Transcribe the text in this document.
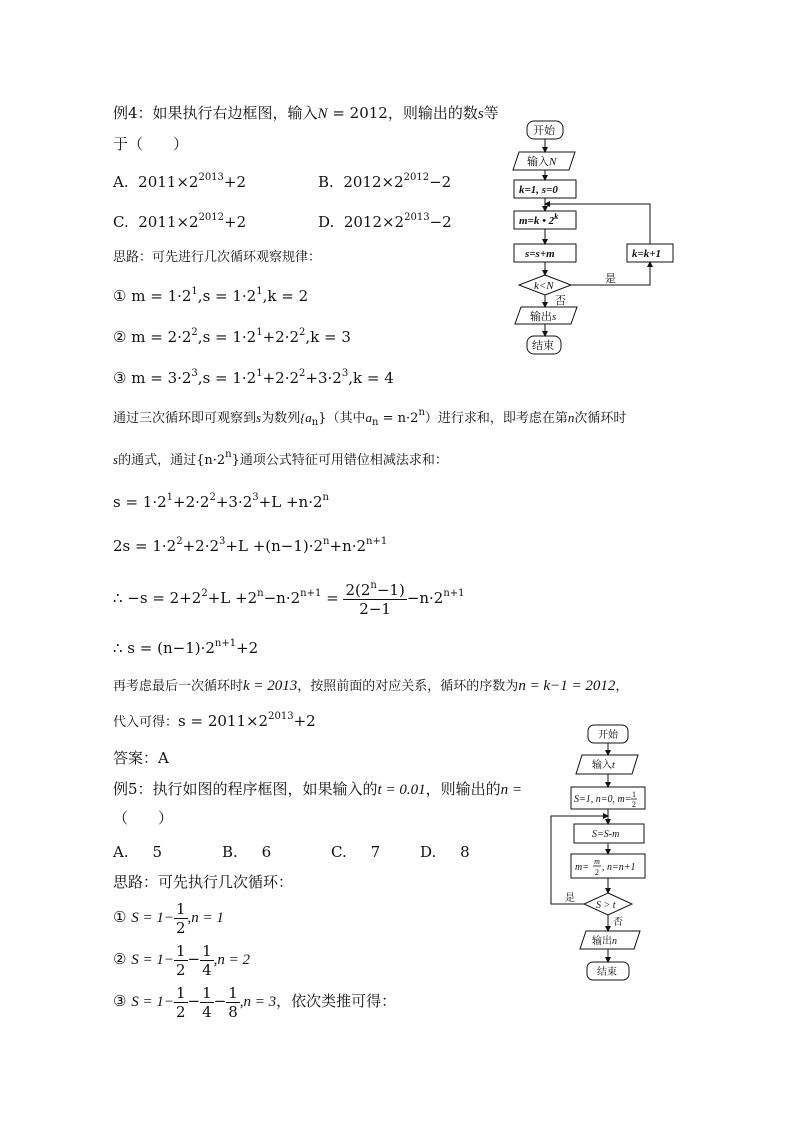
例4：如果执行右边框图，输入N = 2012，则输出的数s等
于（　　）
A. $2011\times 2^{2013}+2$	B. $2012\times 2^{2012}-2$
C. $2011\times 2^{2012}+2$	D. $2012\times 2^{2013}-2$
思路：可先进行几次循环观察规律：
① $m = 1\cdot 2^1,s = 1\cdot 2^1,k = 2$
② $m = 2\cdot 2^2,s = 1\cdot 2^1+2\cdot 2^2,k = 3$
③ $m = 3\cdot 2^3,s = 1\cdot 2^1+2\cdot 2^2+3\cdot 2^3,k = 4$
通过三次循环即可观察到s为数列$\{a_n\}$（其中$a_n = n\cdot 2^n$）进行求和，即考虑在第n次循环时
s的通式，通过$\{n\cdot 2^n\}$通项公式特征可用错位相减法求和：
$s = 1\cdot 2^1+2\cdot 2^2+3\cdot 2^3+L +n\cdot 2^n$
$2s = 1\cdot 2^2+2\cdot 2^3+L +(n-1)\cdot 2^n+n\cdot 2^{n+1}$
∴ $-s = 2+2^2+L +2^n-n\cdot 2^{n+1} = \frac{2(2^n-1)}{2-1} -n\cdot 2^{n+1}$
∴ $s = (n-1)\cdot 2^{n+1}+2$
再考虑最后一次循环时k = 2013，按照前面的对应关系，循环的序数为n = k−1 = 2012，
代入可得：$s = 2011\times 2^{2013}+2$
答案：A
例5：执行如图的程序框图，如果输入的t = 0.01，则输出的n =
（　　）
A. 5	B. 6	C. 7	D. 8
思路：可先执行几次循环：
① $S = 1- \frac{1}{2} ,n = 1$
② $S = 1- \frac{1}{2} - \frac{1}{4} ,n = 2$
③ $S = 1- \frac{1}{2} - \frac{1}{4} - \frac{1}{8} ,n = 3$，依次类推可得：
开始
输入N
k=1, s=0
m=k • 2$^k$
s=s+m	k=k+1
k<N
是
否
输出s
结束
开始
输入t
S=1, n=0, m= 1
2
S=S-m
m=
m
2 , n=n+1
S > t
是
否
输出n
结束
